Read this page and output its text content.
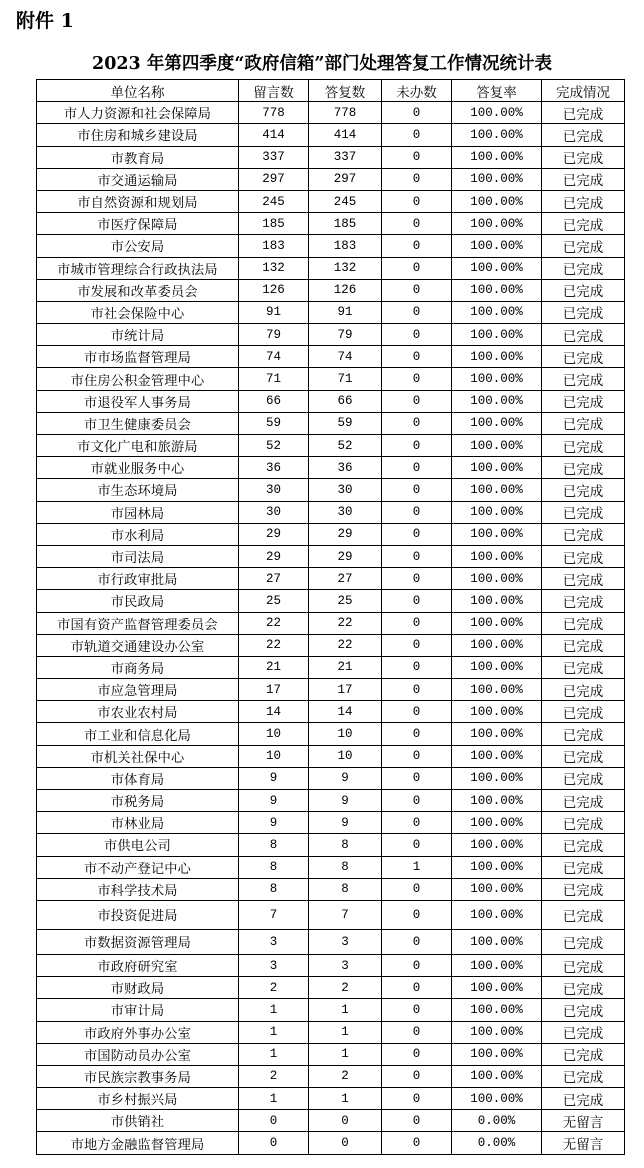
附件 1
2023 年第四季度“政府信箱”部门处理答复工作情况统计表
单位名称	留言数	答复数	未办数	答复率	完成情况
市人力资源和社会保障局	778	778	0	100.00%	已完成
市住房和城乡建设局	414	414	0	100.00%	已完成
市教育局	337	337	0	100.00%	已完成
市交通运输局	297	297	0	100.00%	已完成
市自然资源和规划局	245	245	0	100.00%	已完成
市医疗保障局	185	185	0	100.00%	已完成
市公安局	183	183	0	100.00%	已完成
市城市管理综合行政执法局	132	132	0	100.00%	已完成
市发展和改革委员会	126	126	0	100.00%	已完成
市社会保险中心	91	91	0	100.00%	已完成
市统计局	79	79	0	100.00%	已完成
市市场监督管理局	74	74	0	100.00%	已完成
市住房公积金管理中心	71	71	0	100.00%	已完成
市退役军人事务局	66	66	0	100.00%	已完成
市卫生健康委员会	59	59	0	100.00%	已完成
市文化广电和旅游局	52	52	0	100.00%	已完成
市就业服务中心	36	36	0	100.00%	已完成
市生态环境局	30	30	0	100.00%	已完成
市园林局	30	30	0	100.00%	已完成
市水利局	29	29	0	100.00%	已完成
市司法局	29	29	0	100.00%	已完成
市行政审批局	27	27	0	100.00%	已完成
市民政局	25	25	0	100.00%	已完成
市国有资产监督管理委员会	22	22	0	100.00%	已完成
市轨道交通建设办公室	22	22	0	100.00%	已完成
市商务局	21	21	0	100.00%	已完成
市应急管理局	17	17	0	100.00%	已完成
市农业农村局	14	14	0	100.00%	已完成
市工业和信息化局	10	10	0	100.00%	已完成
市机关社保中心	10	10	0	100.00%	已完成
市体育局	9	9	0	100.00%	已完成
市税务局	9	9	0	100.00%	已完成
市林业局	9	9	0	100.00%	已完成
市供电公司	8	8	0	100.00%	已完成
市不动产登记中心	8	8	1	100.00%	已完成
市科学技术局	8	8	0	100.00%	已完成
市投资促进局	7	7	0	100.00%	已完成
市数据资源管理局	3	3	0	100.00%	已完成
市政府研究室	3	3	0	100.00%	已完成
市财政局	2	2	0	100.00%	已完成
市审计局	1	1	0	100.00%	已完成
市政府外事办公室	1	1	0	100.00%	已完成
市国防动员办公室	1	1	0	100.00%	已完成
市民族宗教事务局	2	2	0	100.00%	已完成
市乡村振兴局	1	1	0	100.00%	已完成
市供销社	0	0	0	0.00%	无留言
市地方金融监督管理局	0	0	0	0.00%	无留言
